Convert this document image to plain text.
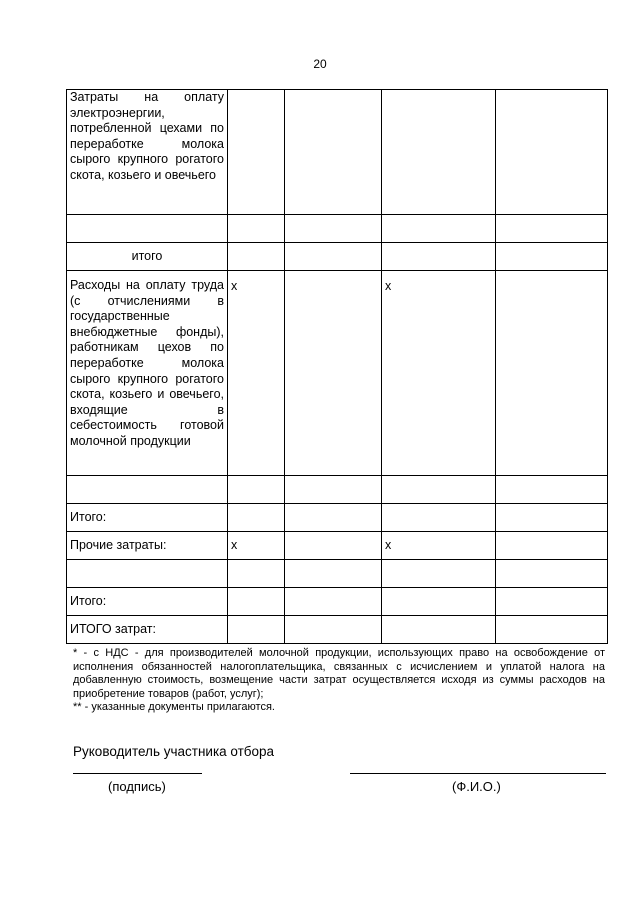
20
Затраты на оплату электроэнергии, потребленной цехами по переработке молока сырого крупного рогатого скота, козьего и овечьего				

итого				
Расходы на оплату труда (с отчислениями в государственные внебюджетные фонды), работникам цехов по переработке молока сырого крупного рогатого скота, козьего и овечьего, входящие в себестоимость готовой молочной продукции	x		x	

Итого:				
Прочие затраты:	x		x	

Итого:				
ИТОГО затрат:				

* - с НДС - для производителей молочной продукции, использующих право на освобождение от исполнения обязанностей налогоплательщика, связанных с исчислением и уплатой налога на добавленную стоимость, возмещение части затрат осуществляется исходя из суммы расходов на приобретение товаров (работ, услуг);

** - указанные документы прилагаются.

Руководитель участника отбора
(подпись)	(Ф.И.О.)
